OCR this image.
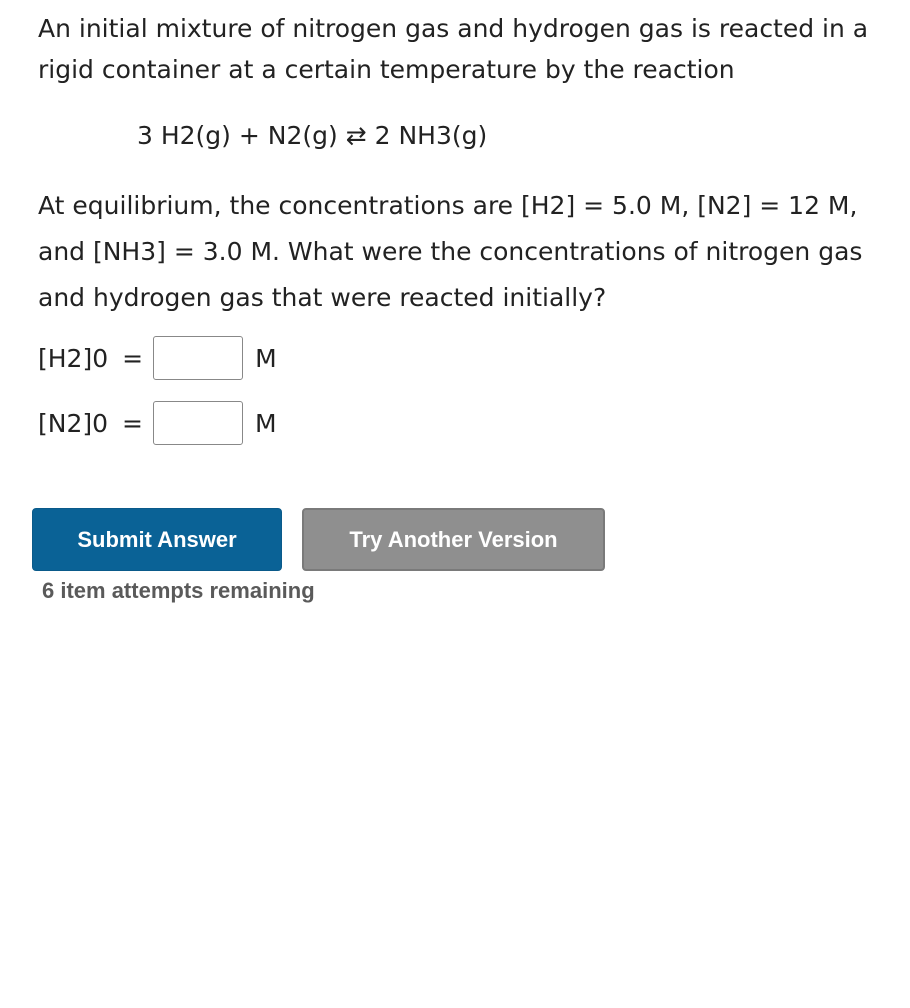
An initial mixture of nitrogen gas and hydrogen gas is reacted in a rigid container at a certain temperature by the reaction

3 H2(g) + N2(g) ⇄ 2 NH3(g)

At equilibrium, the concentrations are [H2] = 5.0 M, [N2] = 12 M, and [NH3] = 3.0 M. What were the concentrations of nitrogen gas and hydrogen gas that were reacted initially?

[H2]0 =	M
[N2]0 =	M
Submit Answer	Try Another Version

6 item attempts remaining
